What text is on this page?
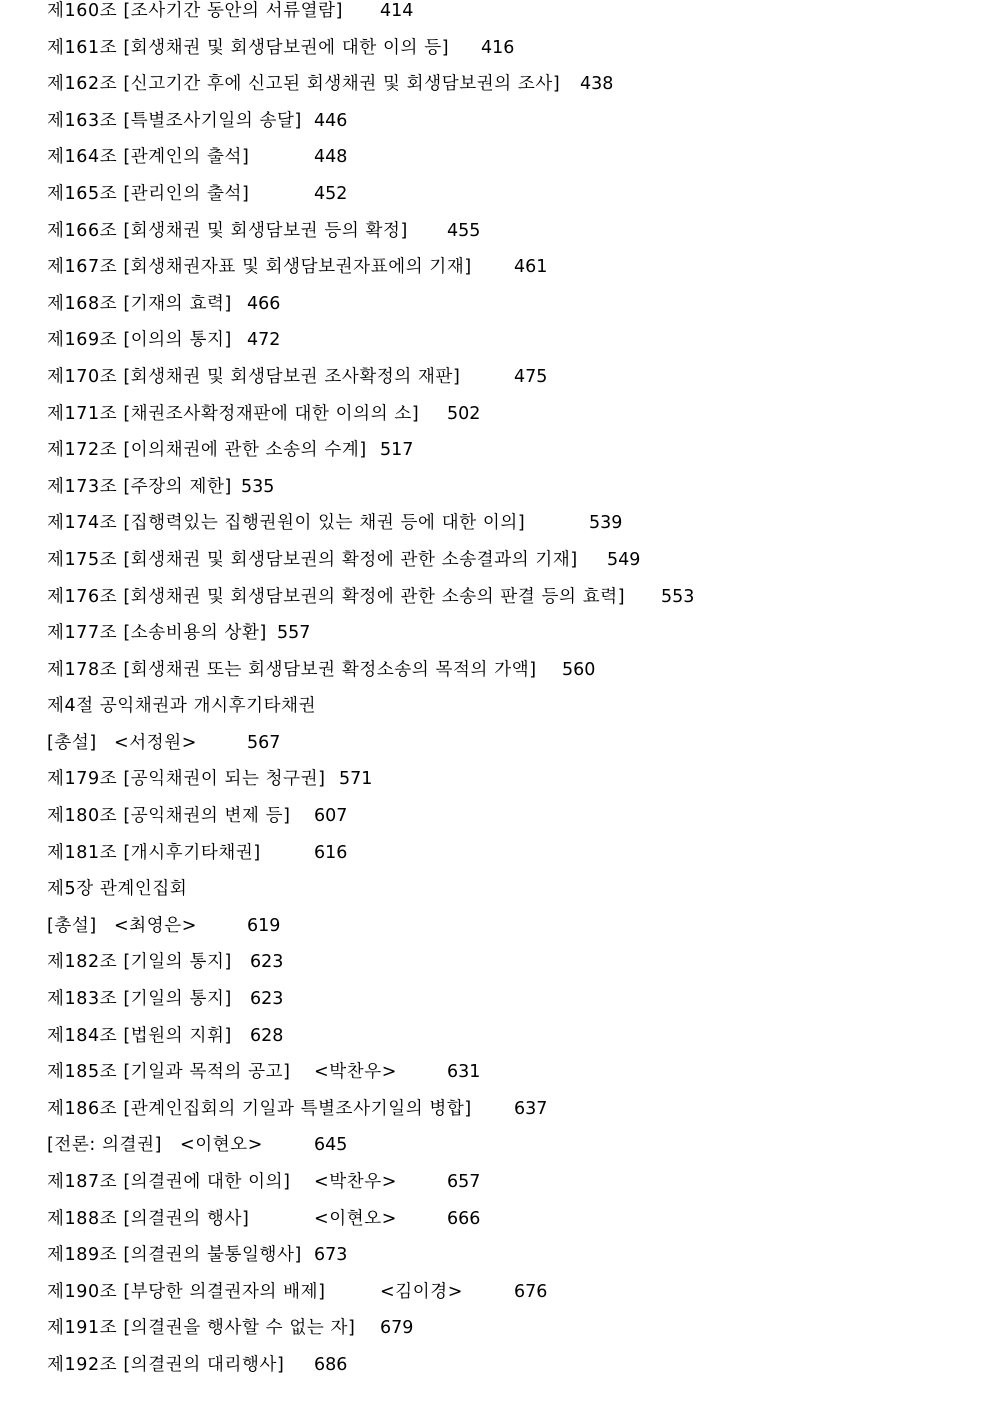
제160조 [조사기간 동안의 서류열람] 414
제161조 [회생채권 및 회생담보권에 대한 이의 등] 416
제162조 [신고기간 후에 신고된 회생채권 및 회생담보권의 조사] 438
제163조 [특별조사기일의 송달] 446
제164조 [관계인의 출석]	448
제165조 [관리인의 출석]	452
제166조 [회생채권 및 회생담보권 등의 확정] 455
제167조 [회생채권자표 및 회생담보권자표에의 기재] 461
제168조 [기재의 효력] 466
제169조 [이의의 통지] 472
제170조 [회생채권 및 회생담보권 조사확정의 재판]	475
제171조 [채권조사확정재판에 대한 이의의 소] 502
제172조 [이의채권에 관한 소송의 수계] 517
제173조 [주장의 제한] 535
제174조 [집행력있는 집행권원이 있는 채권 등에 대한 이의]	539
제175조 [회생채권 및 회생담보권의 확정에 관한 소송결과의 기재] 549
제176조 [회생채권 및 회생담보권의 확정에 관한 소송의 판결 등의 효력] 553
제177조 [소송비용의 상환] 557
제178조 [회생채권 또는 회생담보권 확정소송의 목적의 가액] 560
제4절 공익채권과 개시후기타채권
[총설] <서정원>	567
제179조 [공익채권이 되는 청구권] 571
제180조 [공익채권의 변제 등] 607
제181조 [개시후기타채권]	616
제5장 관계인집회
[총설] <최영은>	619
제182조 [기일의 통지] 623
제183조 [기일의 통지] 623
제184조 [법원의 지휘] 628
제185조 [기일과 목적의 공고] <박찬우>	631
제186조 [관계인집회의 기일과 특별조사기일의 병합] 637
[전론: 의결권] <이현오>	645
제187조 [의결권에 대한 이의] <박찬우>	657
제188조 [의결권의 행사]	<이현오>	666
제189조 [의결권의 불통일행사] 673
제190조 [부당한 의결권자의 배제]	<김이경>	676
제191조 [의결권을 행사할 수 없는 자] 679
제192조 [의결권의 대리행사] 686
